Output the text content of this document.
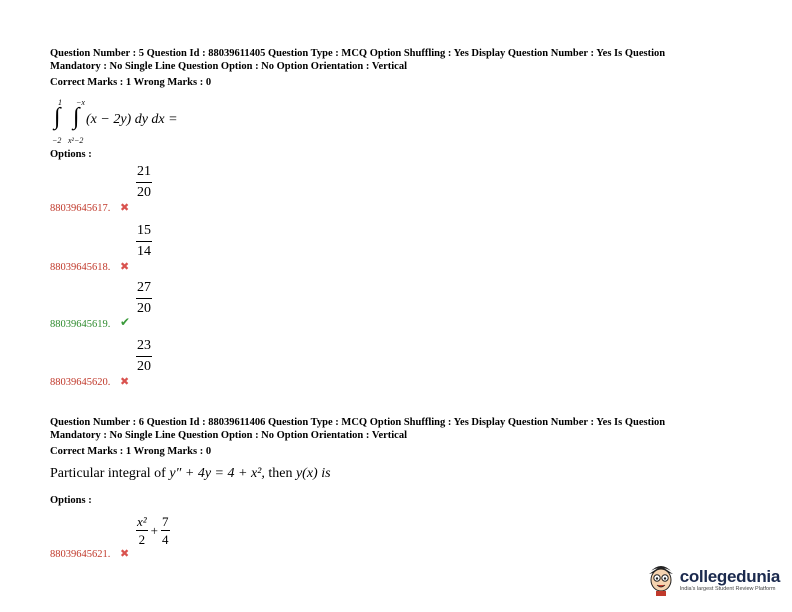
Question Number : 5 Question Id : 88039611405 Question Type : MCQ Option Shuffling : Yes Display Question Number : Yes Is Question
Mandatory : No Single Line Question Option : No Option Orientation : Vertical
Correct Marks : 1 Wrong Marks : 0
1
∫
−2
−x
∫
x²−2
(x − 2y) dy dx =
Options :
$\frac{21}{20}$
88039645617. ✖
$\frac{15}{14}$
88039645618. ✖
$\frac{27}{20}$
88039645619. ✔
$\frac{23}{20}$
88039645620. ✖
Question Number : 6 Question Id : 88039611406 Question Type : MCQ Option Shuffling : Yes Display Question Number : Yes Is Question
Mandatory : No Single Line Question Option : No Option Orientation : Vertical
Correct Marks : 1 Wrong Marks : 0
Particular integral of y″ + 4y = 4 + x², then y(x) is
Options :
x²
2
+ $\frac{7}{4}$
88039645621. ✖
collegedunia
India's largest Student Review Platform
